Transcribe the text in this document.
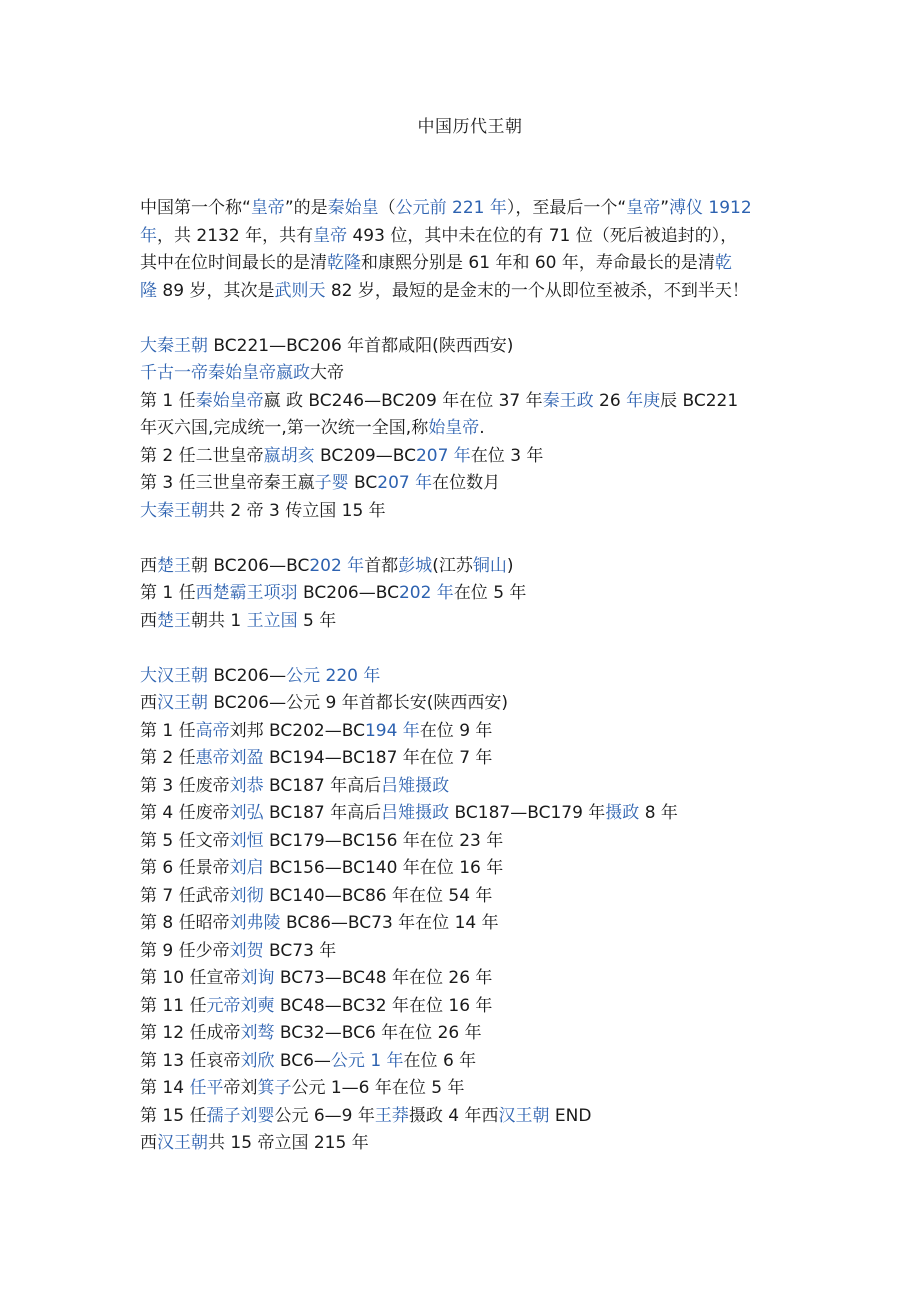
中国历代王朝

中国第一个称“皇帝”的是秦始皇（公元前 221 年），至最后一个“皇帝”溥仪 1912

年，共 2132 年，共有皇帝 493 位，其中未在位的有 71 位（死后被追封的），

其中在位时间最长的是清乾隆和康熙分别是 61 年和 60 年，寿命最长的是清乾

隆 89 岁，其次是武则天 82 岁，最短的是金末的一个从即位至被杀，不到半天！

大秦王朝 BC221—BC206 年首都咸阳(陕西西安)

千古一帝秦始皇帝嬴政大帝

第 1 任秦始皇帝嬴 政 BC246—BC209 年在位 37 年秦王政 26 年庚辰 BC221

年灭六国,完成统一,第一次统一全国,称始皇帝.

第 2 任二世皇帝嬴胡亥 BC209—BC207 年在位 3 年

第 3 任三世皇帝秦王嬴子婴 BC207 年在位数月

大秦王朝共 2 帝 3 传立国 15 年

西楚王朝 BC206—BC202 年首都彭城(江苏铜山)

第 1 任西楚霸王项羽 BC206—BC202 年在位 5 年

西楚王朝共 1 王立国 5 年

大汉王朝 BC206—公元 220 年

西汉王朝 BC206—公元 9 年首都长安(陕西西安)

第 1 任高帝刘邦 BC202—BC194 年在位 9 年

第 2 任惠帝刘盈 BC194—BC187 年在位 7 年

第 3 任废帝刘恭 BC187 年高后吕雉摄政

第 4 任废帝刘弘 BC187 年高后吕雉摄政 BC187—BC179 年摄政 8 年

第 5 任文帝刘恒 BC179—BC156 年在位 23 年

第 6 任景帝刘启 BC156—BC140 年在位 16 年

第 7 任武帝刘彻 BC140—BC86 年在位 54 年

第 8 任昭帝刘弗陵 BC86—BC73 年在位 14 年

第 9 任少帝刘贺 BC73 年

第 10 任宣帝刘询 BC73—BC48 年在位 26 年

第 11 任元帝刘奭 BC48—BC32 年在位 16 年

第 12 任成帝刘骜 BC32—BC6 年在位 26 年

第 13 任哀帝刘欣 BC6—公元 1 年在位 6 年

第 14 任平帝刘箕子公元 1—6 年在位 5 年

第 15 任孺子刘婴公元 6—9 年王莽摄政 4 年西汉王朝 END

西汉王朝共 15 帝立国 215 年
